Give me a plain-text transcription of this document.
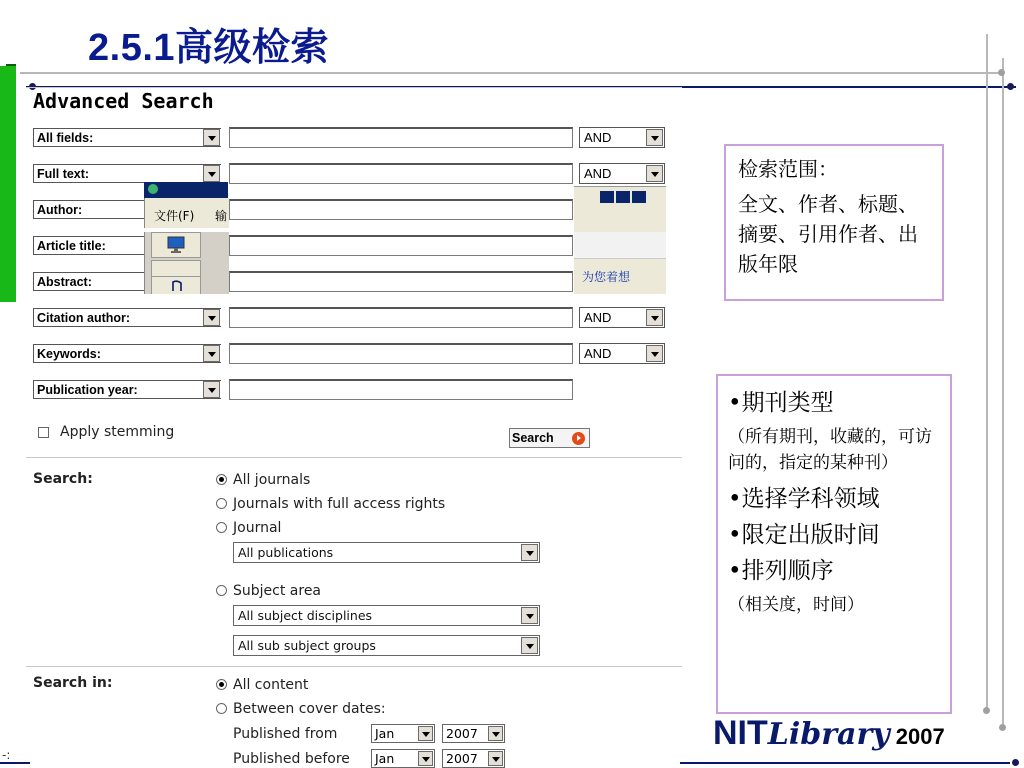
2.5.1高级检索
-:
Advanced Search
All fields:	AND
Full text:	AND
Author:
Article title:
Abstract:
Citation author:	AND
Keywords:	AND
Publication year:
文件(F) 输
为您着想
Apply stemming	Search
Search:	All journals
Journals with full access rights
Journal
All publications
Subject area
All subject disciplines
All sub subject groups
Search in:	All content
Between cover dates:
Published from	Jan	2007
Published before	Jan	2007
检索范围：
全文、作者、标题、摘要、引用作者、出版年限
•期刊类型
（所有期刊，收藏的，可访问的，指定的某种刊）
•选择学科领域
•限定出版时间
•排列顺序
（相关度，时间）
NITLibrary 2007
